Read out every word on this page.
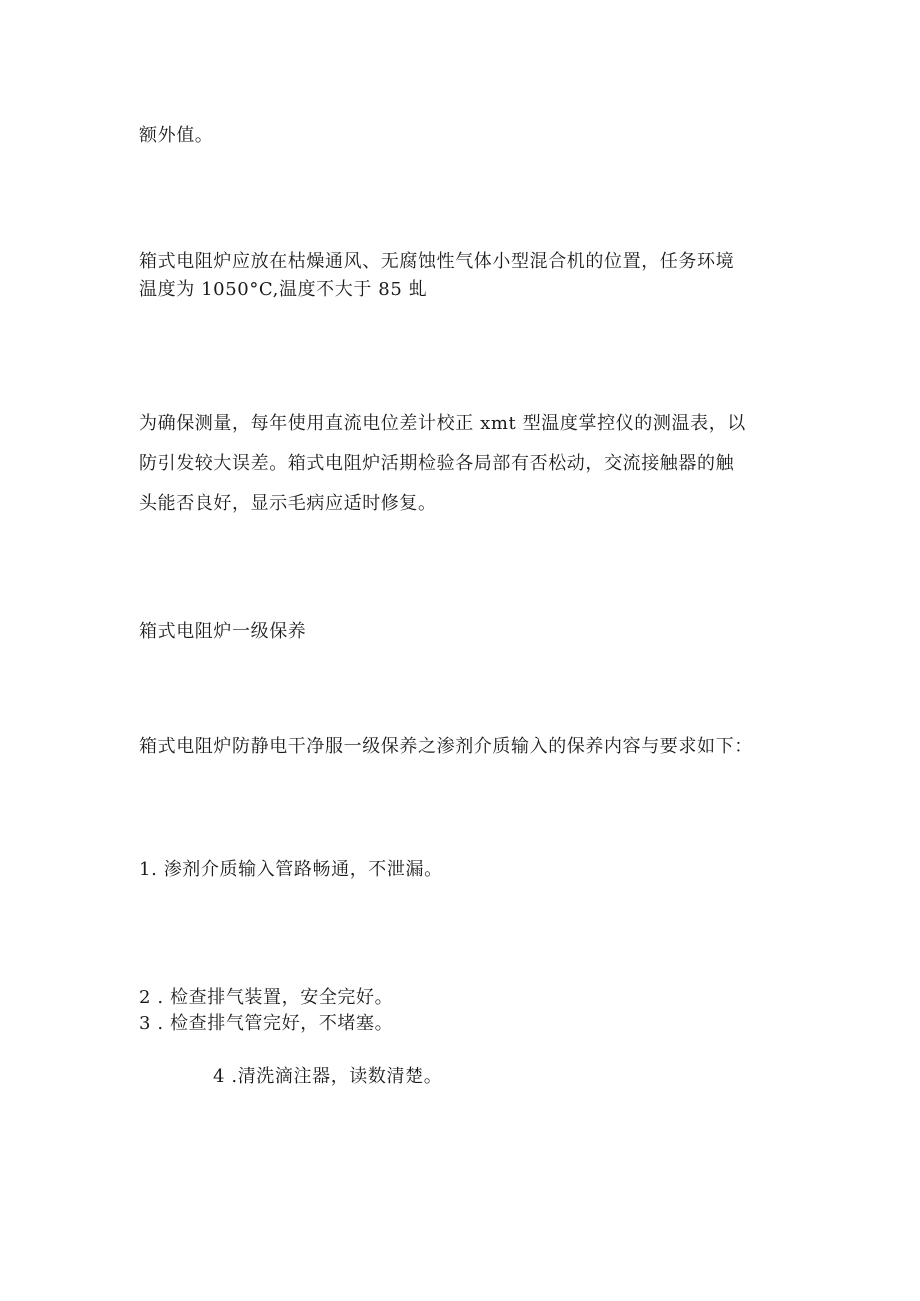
额外值。
箱式电阻炉应放在枯燥通风、无腐蚀性气体小型混合机的位置，任务环境
温度为 1050°C,温度不大于 85 虬
为确保测量，每年使用直流电位差计校正 xmt 型温度掌控仪的测温表，以
防引发较大误差。箱式电阻炉活期检验各局部有否松动，交流接触器的触
头能否良好，显示毛病应适时修复。
箱式电阻炉一级保养
箱式电阻炉防静电干净服一级保养之渗剂介质输入的保养内容与要求如下：
1. 渗剂介质输入管路畅通，不泄漏。
2 . 检查排气装置，安全完好。
3 . 检查排气管完好，不堵塞。
4 .清洗滴注器，读数清楚。
